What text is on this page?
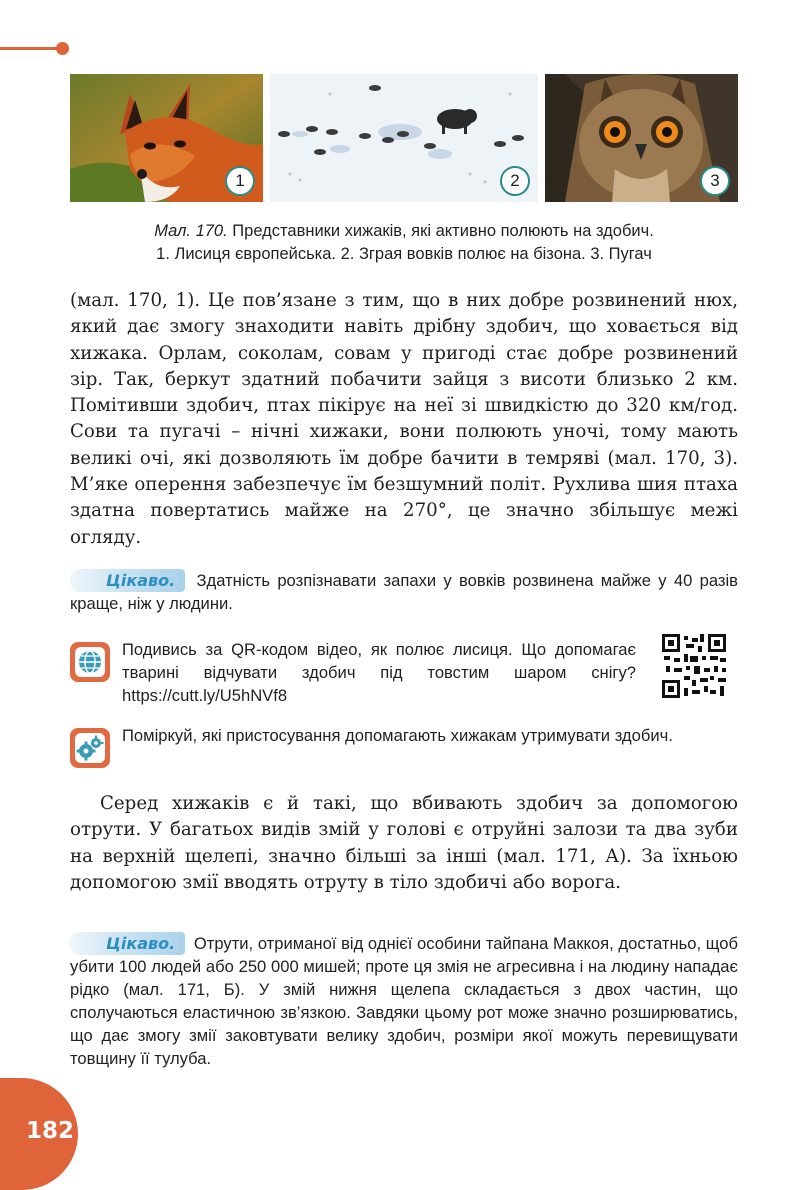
1	2	3
Мал. 170. Представники хижаків, які активно полюють на здобич.
1. Лисиця європейська. 2. Зграя вовків полює на бізона. 3. Пугач
(мал. 170, 1). Це пов’язане з тим, що в них добре розвинений нюх, який дає змогу знаходити навіть дрібну здобич, що ховається від хижака. Орлам, соколам, совам у пригоді стає добре розвинений зір. Так, беркут здатний побачити зайця з висоти близько 2 км. Помітивши здобич, птах пікірує на неї зі швидкістю до 320 км/год. Сови та пугачі – нічні хижаки, вони полюють уночі, тому мають великі очі, які дозволяють їм добре бачити в темряві (мал. 170, 3). М’яке оперення забезпечує їм безшумний політ. Рухлива шия птаха здатна повертатись майже на 270°, це значно збільшує межі огляду.
Цікаво. Здатність розпізнавати запахи у вовків розвинена майже у 40 разів краще, ніж у людини.
Подивись за QR-кодом відео, як полює лисиця. Що допомагає тварині відчувати здобич під товстим шаром снігу? https://cutt.ly/U5hNVf8
Поміркуй, які пристосування допомагають хижакам утримувати здобич.
Серед хижаків є й такі, що вбивають здобич за допомогою отрути. У багатьох видів змій у голові є отруйні залози та два зуби на верхній щелепі, значно більші за інші (мал. 171, А). За їхньою допомогою змії вводять отруту в тіло здобичі або ворога.
Цікаво. Отрути, отриманої від однієї особини тайпана Маккоя, достатньо, щоб убити 100 людей або 250 000 мишей; проте ця змія не агресивна і на людину нападає рідко (мал. 171, Б). У змій нижня щелепа складається з двох частин, що сполучаються еластичною зв’язкою. Завдяки цьому рот може значно розширюватись, що дає змогу змії заковтувати велику здобич, розміри якої можуть перевищувати товщину її тулуба.
182
